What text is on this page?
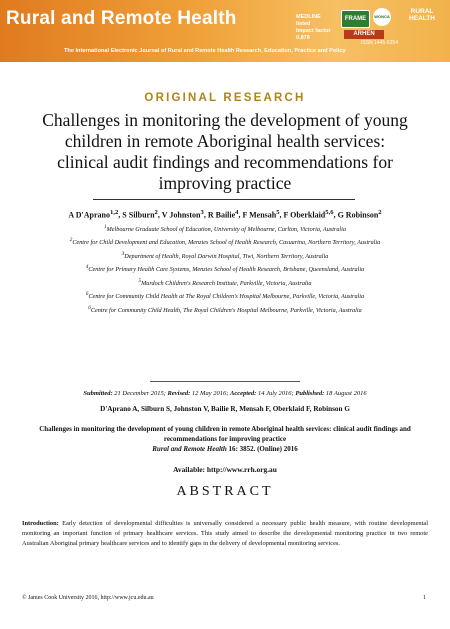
Rural and Remote Health	MEDLINE listed
Impact factor 0.878
FRAME	WONCA
RURAL HEALTH
ARHEN
ISSN 1445-6354
The International Electronic Journal of Rural and Remote Health Research, Education, Practice and Policy
ORIGINAL RESEARCH
Challenges in monitoring the development of young children in remote Aboriginal health services: clinical audit findings and recommendations for improving practice
A D'Aprano$^{1,2}$, S Silburn$^2$, V Johnston$^3$, R Bailie$^4$, F Mensah$^5$, F Oberklaid$^{5,6}$, G Robinson$^2$
$^1$Melbourne Graduate School of Education, University of Melbourne, Carlton, Victoria, Australia
$^2$Centre for Child Development and Education, Menzies School of Health Research, Casuarina, Northern Territory, Australia
$^3$Department of Health, Royal Darwin Hospital, Tiwi, Northern Territory, Australia
$^4$Centre for Primary Health Care Systems, Menzies School of Health Research, Brisbane, Queensland, Australia
$^5$Murdoch Children's Research Institute, Parkville, Victoria, Australia
$^6$Centre for Community Child Health at The Royal Children's Hospital Melbourne, Parkville, Victoria, Australia
$^6$Centre for Community Child Health, The Royal Children's Hospital Melbourne, Parkville, Victoria, Australia
Submitted: 21 December 2015; Revised: 12 May 2016; Accepted: 14 July 2016; Published: 18 August 2016
D'Aprano A, Silburn S, Johnston V, Bailie R, Mensah F, Oberklaid F, Robinson G
Challenges in monitoring the development of young children in remote Aboriginal health services: clinical audit findings and recommendations for improving practice
Rural and Remote Health 16: 3852. (Online) 2016
Available: http://www.rrh.org.au
ABSTRACT
Introduction: Early detection of developmental difficulties is universally considered a necessary public health measure, with routine developmental monitoring an important function of primary healthcare services. This study aimed to describe the developmental monitoring practice in two remote Australian Aboriginal primary healthcare services and to identify gaps in the delivery of developmental monitoring services.
© James Cook University 2016, http://www.jcu.edu.au	1
